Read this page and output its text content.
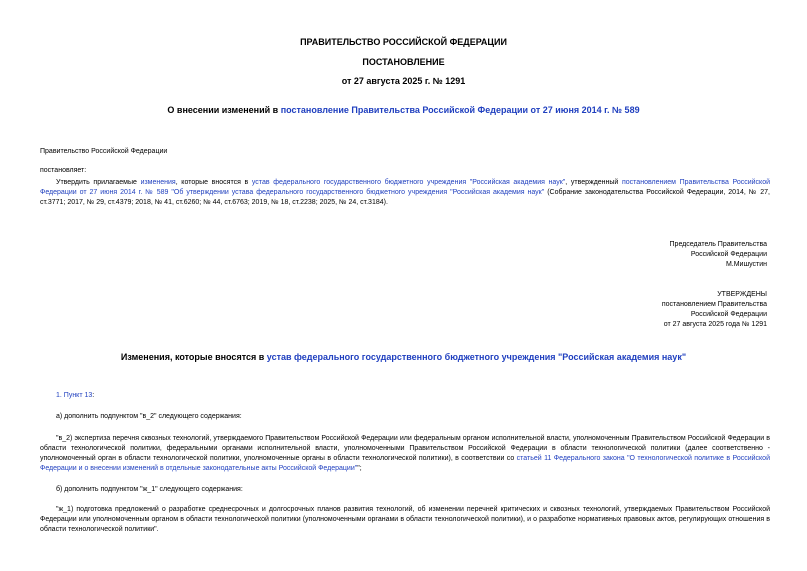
ПРАВИТЕЛЬСТВО РОССИЙСКОЙ ФЕДЕРАЦИИ
ПОСТАНОВЛЕНИЕ
от 27 августа 2025 г. № 1291
О внесении изменений в постановление Правительства Российской Федерации от 27 июня 2014 г. № 589
Правительство Российской Федерации
постановляет:
Утвердить прилагаемые изменения, которые вносятся в устав федерального государственного бюджетного учреждения "Российская академия наук", утвержденный постановлением Правительства Российской Федерации от 27 июня 2014 г. № 589 "Об утверждении устава федерального государственного бюджетного учреждения "Российская академия наук" (Собрание законодательства Российской Федерации, 2014, № 27, ст.3771; 2017, № 29, ст.4379; 2018, № 41, ст.6260; № 44, ст.6763; 2019, № 18, ст.2238; 2025, № 24, ст.3184).
Председатель Правительства
Российской Федерации
М.Мишустин
УТВЕРЖДЕНЫ
постановлением Правительства
Российской Федерации
от 27 августа 2025 года № 1291
Изменения, которые вносятся в устав федерального государственного бюджетного учреждения "Российская академия наук"
1. Пункт 13:
а) дополнить подпунктом "в_2" следующего содержания:
"в_2) экспертиза перечня сквозных технологий, утверждаемого Правительством Российской Федерации или федеральным органом исполнительной власти, уполномоченным Правительством Российской Федерации в области технологической политики, федеральными органами исполнительной власти, уполномоченными Правительством Российской Федерации в области технологической политики (далее соответственно - уполномоченный орган в области технологической политики, уполномоченные органы в области технологической политики), в соответствии со статьей 11 Федерального закона "О технологической политике в Российской Федерации и о внесении изменений в отдельные законодательные акты Российской Федерации"";
б) дополнить подпунктом "ж_1" следующего содержания:
"ж_1) подготовка предложений о разработке среднесрочных и долгосрочных планов развития технологий, об изменении перечней критических и сквозных технологий, утверждаемых Правительством Российской Федерации или уполномоченным органом в области технологической политики (уполномоченными органами в области технологической политики), и о разработке нормативных правовых актов, регулирующих отношения в области технологической политики".
